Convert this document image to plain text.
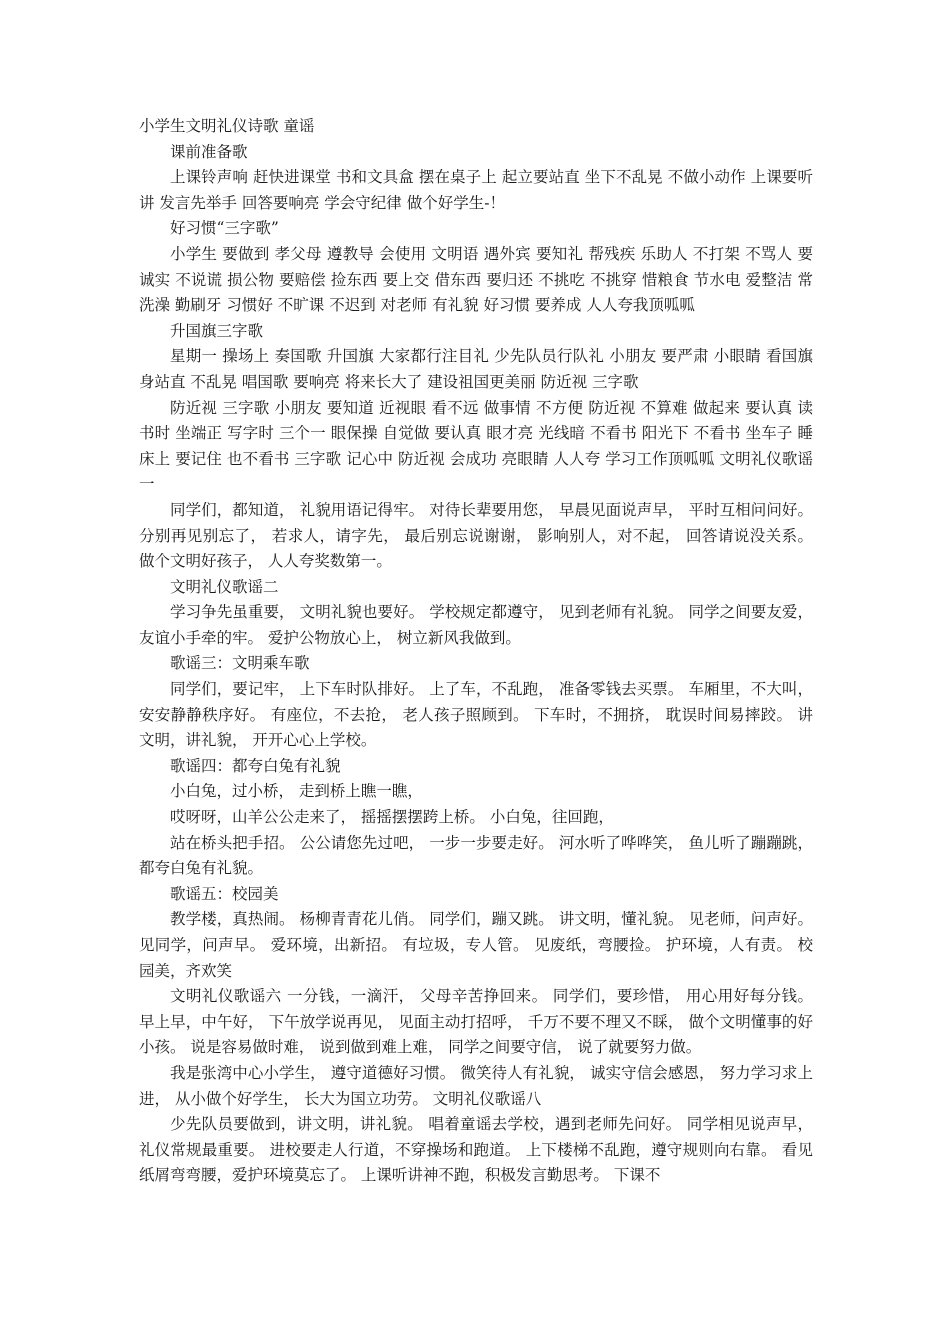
小学生文明礼仪诗歌 童谣

课前准备歌

上课铃声响 赶快进课堂 书和文具盒 摆在桌子上 起立要站直 坐下不乱晃 不做小动作 上课要听讲 发言先举手 回答要响亮 学会守纪律 做个好学生-！

好习惯“三字歌”

小学生 要做到 孝父母 遵教导 会使用 文明语 遇外宾 要知礼 帮残疾 乐助人 不打架 不骂人 要诚实 不说谎 损公物 要赔偿 捡东西 要上交 借东西 要归还 不挑吃 不挑穿 惜粮食 节水电 爱整洁 常洗澡 勤刷牙 习惯好 不旷课 不迟到 对老师 有礼貌 好习惯 要养成 人人夸我顶呱呱

升国旗三字歌

星期一 操场上 奏国歌 升国旗 大家都行注目礼 少先队员行队礼 小朋友 要严肃 小眼睛 看国旗 身站直 不乱晃 唱国歌 要响亮 将来长大了 建设祖国更美丽 防近视 三字歌

防近视 三字歌 小朋友 要知道 近视眼 看不远 做事情 不方便 防近视 不算难 做起来 要认真 读书时 坐端正 写字时 三个一 眼保操 自觉做 要认真 眼才亮 光线暗 不看书 阳光下 不看书 坐车子 睡床上 要记住 也不看书 三字歌 记心中 防近视 会成功 亮眼睛 人人夸 学习工作顶呱呱 文明礼仪歌谣一

同学们，都知道， 礼貌用语记得牢。 对待长辈要用您， 早晨见面说声早， 平时互相问问好。 分别再见别忘了， 若求人，请字先， 最后别忘说谢谢， 影响别人，对不起， 回答请说没关系。 做个文明好孩子， 人人夸奖数第一。

文明礼仪歌谣二

学习争先虽重要， 文明礼貌也要好。 学校规定都遵守， 见到老师有礼貌。 同学之间要友爱， 友谊小手牵的牢。 爱护公物放心上， 树立新风我做到。

歌谣三：文明乘车歌

同学们，要记牢， 上下车时队排好。 上了车，不乱跑， 准备零钱去买票。 车厢里，不大叫， 安安静静秩序好。 有座位，不去抢， 老人孩子照顾到。 下车时，不拥挤， 耽误时间易摔跤。 讲文明，讲礼貌， 开开心心上学校。

歌谣四：都夸白兔有礼貌

小白兔，过小桥， 走到桥上瞧一瞧，

哎呀呀，山羊公公走来了， 摇摇摆摆跨上桥。 小白兔，往回跑，

站在桥头把手招。 公公请您先过吧， 一步一步要走好。 河水听了哗哗笑， 鱼儿听了蹦蹦跳， 都夸白兔有礼貌。

歌谣五：校园美

教学楼，真热闹。 杨柳青青花儿俏。 同学们，蹦又跳。 讲文明，懂礼貌。 见老师，问声好。 见同学，问声早。 爱环境，出新招。 有垃圾，专人管。 见废纸，弯腰捡。 护环境，人有责。 校园美，齐欢笑

文明礼仪歌谣六 一分钱，一滴汗， 父母辛苦挣回来。 同学们，要珍惜， 用心用好每分钱。 早上早，中午好， 下午放学说再见， 见面主动打招呼， 千万不要不理又不睬， 做个文明懂事的好小孩。 说是容易做时难， 说到做到难上难， 同学之间要守信， 说了就要努力做。

我是张湾中心小学生， 遵守道德好习惯。 微笑待人有礼貌， 诚实守信会感恩， 努力学习求上进， 从小做个好学生， 长大为国立功劳。 文明礼仪歌谣八

少先队员要做到，讲文明，讲礼貌。 唱着童谣去学校，遇到老师先问好。 同学相见说声早，礼仪常规最重要。 进校要走人行道，不穿操场和跑道。 上下楼梯不乱跑，遵守规则向右靠。 看见纸屑弯弯腰，爱护环境莫忘了。 上课听讲神不跑，积极发言勤思考。 下课不
